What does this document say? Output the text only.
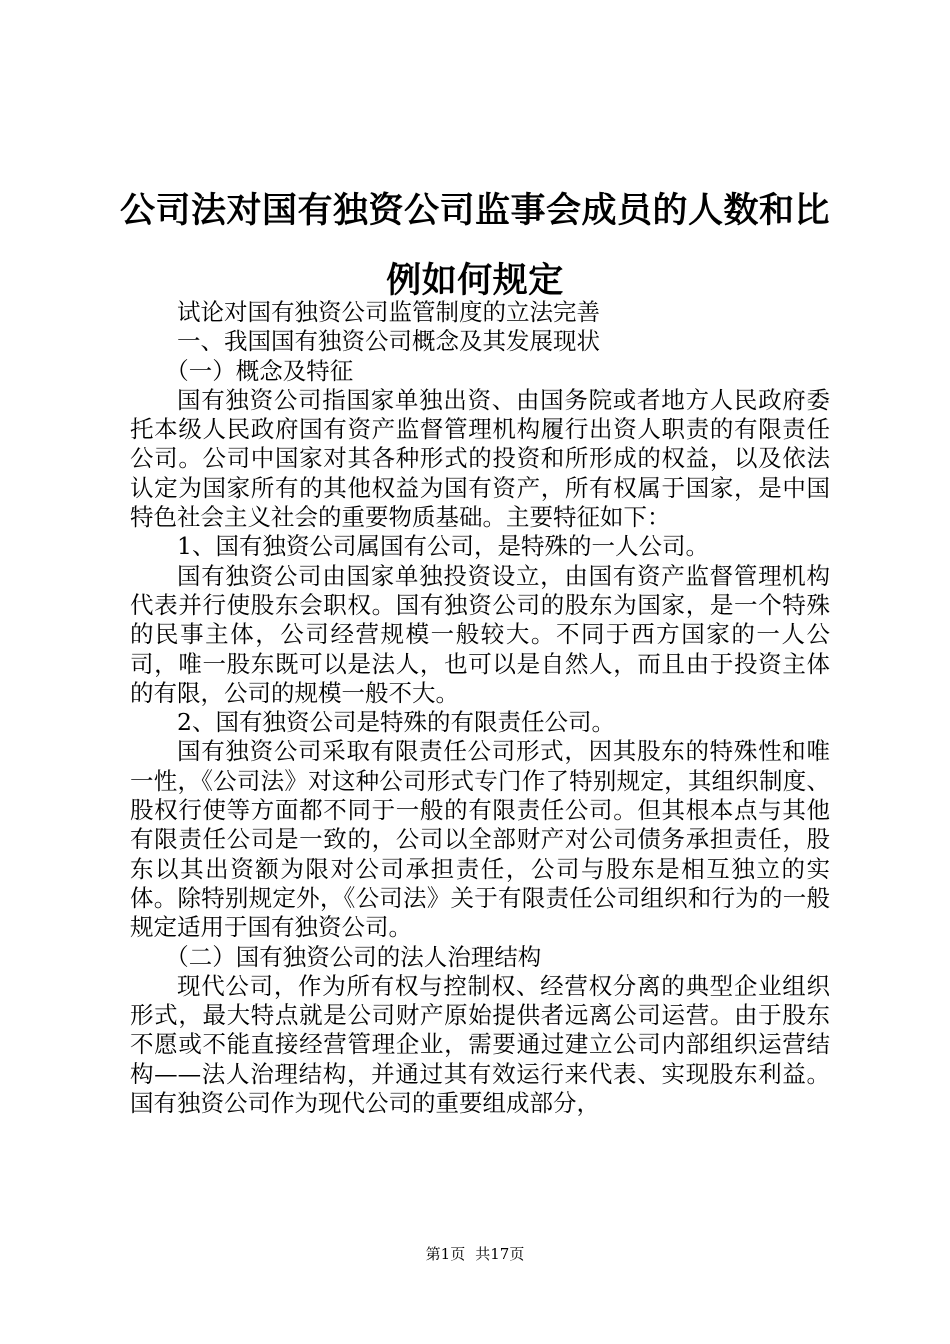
公司法对国有独资公司监事会成员的人数和比例如何规定

试论对国有独资公司监管制度的立法完善

一、我国国有独资公司概念及其发展现状

（一）概念及特征

国有独资公司指国家单独出资、由国务院或者地方人民政府委托本级人民政府国有资产监督管理机构履行出资人职责的有限责任公司。公司中国家对其各种形式的投资和所形成的权益，以及依法认定为国家所有的其他权益为国有资产，所有权属于国家，是中国特色社会主义社会的重要物质基础。主要特征如下：

1、国有独资公司属国有公司，是特殊的一人公司。

国有独资公司由国家单独投资设立，由国有资产监督管理机构代表并行使股东会职权。国有独资公司的股东为国家，是一个特殊的民事主体，公司经营规模一般较大。不同于西方国家的一人公司，唯一股东既可以是法人，也可以是自然人，而且由于投资主体的有限，公司的规模一般不大。

2、国有独资公司是特殊的有限责任公司。

国有独资公司采取有限责任公司形式，因其股东的特殊性和唯一性，《公司法》对这种公司形式专门作了特别规定，其组织制度、股权行使等方面都不同于一般的有限责任公司。但其根本点与其他有限责任公司是一致的，公司以全部财产对公司债务承担责任，股东以其出资额为限对公司承担责任，公司与股东是相互独立的实体。除特别规定外，《公司法》关于有限责任公司组织和行为的一般规定适用于国有独资公司。

（二）国有独资公司的法人治理结构

现代公司，作为所有权与控制权、经营权分离的典型企业组织形式，最大特点就是公司财产原始提供者远离公司运营。由于股东不愿或不能直接经营管理企业，需要通过建立公司内部组织运营结构——法人治理结构，并通过其有效运行来代表、实现股东利益。国有独资公司作为现代公司的重要组成部分，

第1页 共17页
